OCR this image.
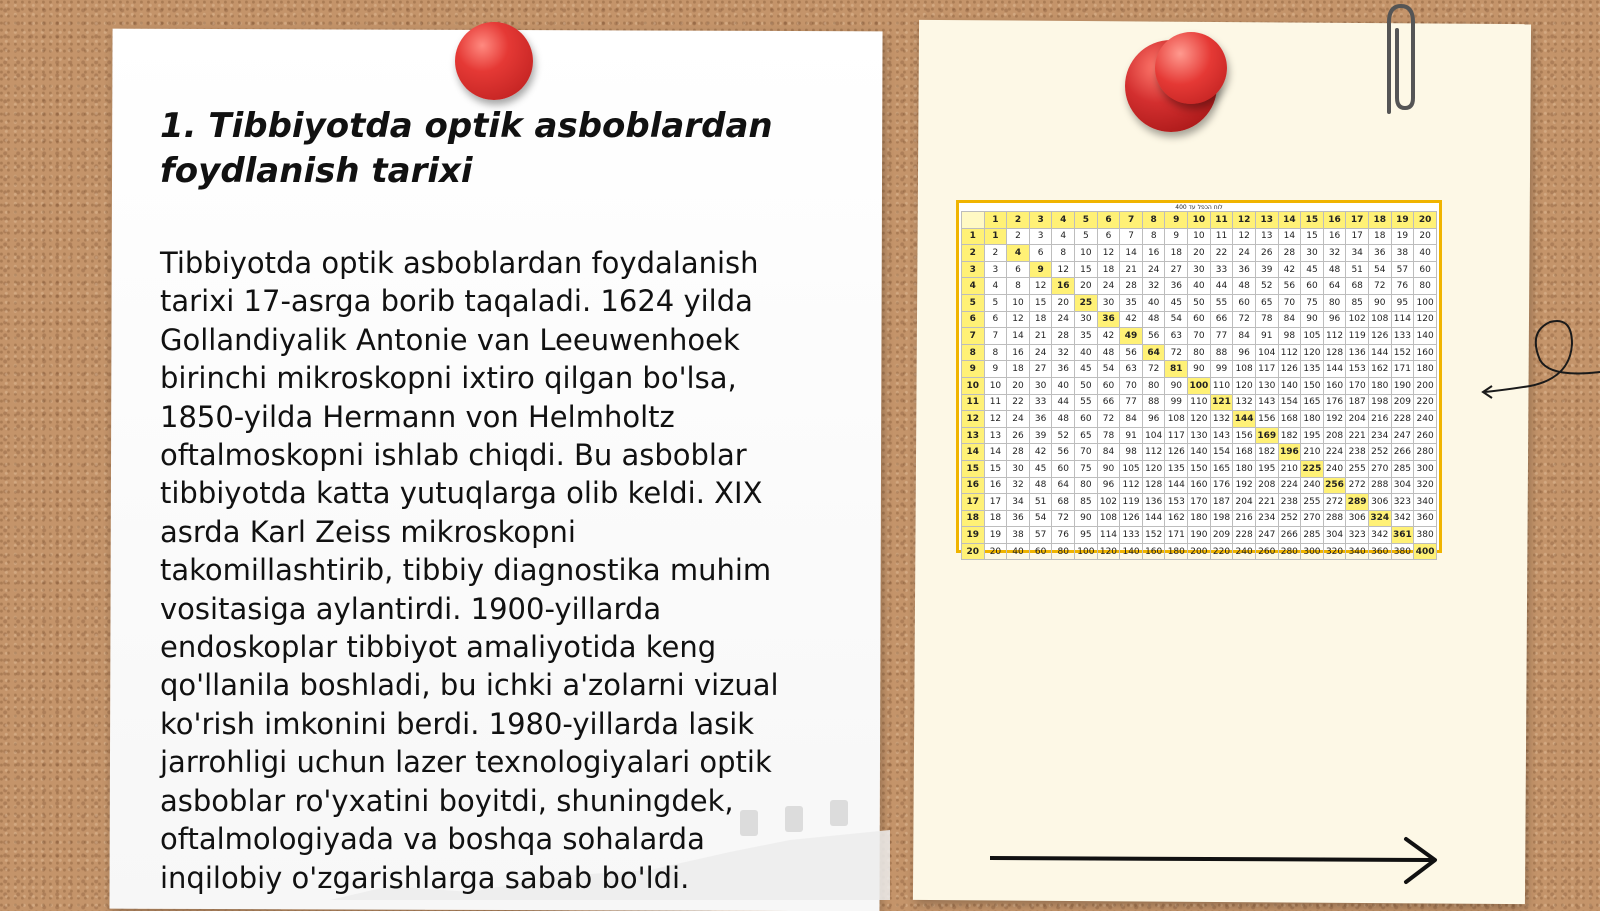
1. Tibbiyotda optik asboblardan foydlanish tarixi

Tibbiyotda optik asboblardan foydalanish tarixi 17-asrga borib taqaladi. 1624 yilda Gollandiyalik Antonie van Leeuwenhoek birinchi mikroskopni ixtiro qilgan bo'lsa, 1850-yilda Hermann von Helmholtz oftalmoskopni ishlab chiqdi. Bu asboblar tibbiyotda katta yutuqlarga olib keldi. XIX asrda Karl Zeiss mikroskopni takomillashtirib, tibbiy diagnostika muhim vositasiga aylantirdi. 1900-yillarda endoskoplar tibbiyot amaliyotida keng qo'llanila boshladi, bu ichki a'zolarni vizual ko'rish imkonini berdi. 1980-yillarda lasik jarrohligi uchun lazer texnologiyalari optik asboblar ro'yxatini boyitdi, shuningdek, oftalmologiyada va boshqa sohalarda inqilobiy o'zgarishlarga sabab bo'ldi.

לוח הכפל עד 400
	1	2	3	4	5	6	7	8	9	10	11	12	13	14	15	16	17	18	19	20
1	1	2	3	4	5	6	7	8	9	10	11	12	13	14	15	16	17	18	19	20
2	2	4	6	8	10	12	14	16	18	20	22	24	26	28	30	32	34	36	38	40
3	3	6	9	12	15	18	21	24	27	30	33	36	39	42	45	48	51	54	57	60
4	4	8	12	16	20	24	28	32	36	40	44	48	52	56	60	64	68	72	76	80
5	5	10	15	20	25	30	35	40	45	50	55	60	65	70	75	80	85	90	95	100
6	6	12	18	24	30	36	42	48	54	60	66	72	78	84	90	96	102	108	114	120
7	7	14	21	28	35	42	49	56	63	70	77	84	91	98	105	112	119	126	133	140
8	8	16	24	32	40	48	56	64	72	80	88	96	104	112	120	128	136	144	152	160
9	9	18	27	36	45	54	63	72	81	90	99	108	117	126	135	144	153	162	171	180
10	10	20	30	40	50	60	70	80	90	100	110	120	130	140	150	160	170	180	190	200
11	11	22	33	44	55	66	77	88	99	110	121	132	143	154	165	176	187	198	209	220
12	12	24	36	48	60	72	84	96	108	120	132	144	156	168	180	192	204	216	228	240
13	13	26	39	52	65	78	91	104	117	130	143	156	169	182	195	208	221	234	247	260
14	14	28	42	56	70	84	98	112	126	140	154	168	182	196	210	224	238	252	266	280
15	15	30	45	60	75	90	105	120	135	150	165	180	195	210	225	240	255	270	285	300
16	16	32	48	64	80	96	112	128	144	160	176	192	208	224	240	256	272	288	304	320
17	17	34	51	68	85	102	119	136	153	170	187	204	221	238	255	272	289	306	323	340
18	18	36	54	72	90	108	126	144	162	180	198	216	234	252	270	288	306	324	342	360
19	19	38	57	76	95	114	133	152	171	190	209	228	247	266	285	304	323	342	361	380
20	20	40	60	80	100	120	140	160	180	200	220	240	260	280	300	320	340	360	380	400
